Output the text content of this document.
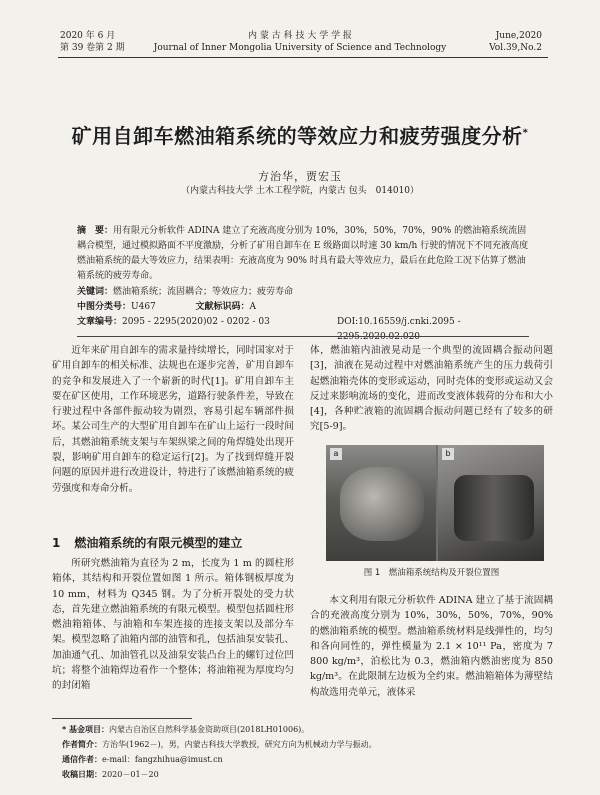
2020 年 6 月
第 39 卷第 2 期
内 蒙 古 科 技 大 学 学 报
Journal of Inner Mongolia University of Science and Technology
June,2020
Vol.39,No.2
矿用自卸车燃油箱系统的等效应力和疲劳强度分析*
方治华，贾宏玉
（内蒙古科技大学 土木工程学院，内蒙古 包头　014010）
摘　要：用有限元分析软件 ADINA 建立了充液高度分别为 10%，30%，50%，70%，90% 的燃油箱系统流固耦合模型，通过模拟路面不平度激励，分析了矿用自卸车在 E 级路面以时速 30 km/h 行驶的情况下不同充液高度燃油箱系统的最大等效应力，结果表明：充液高度为 90% 时具有最大等效应力，最后在此危险工况下估算了燃油箱系统的疲劳寿命。
关键词：燃油箱系统；流固耦合；等效应力；疲劳寿命
中图分类号：U467	文献标识码：A
文章编号：2095 - 2295(2020)02 - 0202 - 03	DOI:10.16559/j.cnki.2095 - 2295.2020.02.020

近年来矿用自卸车的需求量持续增长，同时国家对于矿用自卸车的相关标准、法规也在逐步完善，矿用自卸车的竞争和发展进入了一个崭新的时代[1]。矿用自卸车主要在矿区使用，工作环境恶劣，道路行驶条件差，导致在行驶过程中各部件振动较为剧烈，容易引起车辆部件损坏。某公司生产的大型矿用自卸车在矿山上运行一段时间后，其燃油箱系统支架与车架纵梁之间的角焊缝处出现开裂，影响矿用自卸车的稳定运行[2]。为了找到焊缝开裂问题的原因并进行改进设计，特进行了该燃油箱系统的疲劳强度和寿命分析。

1 燃油箱系统的有限元模型的建立

所研究燃油箱为直径为 2 m，长度为 1 m 的圆柱形箱体，其结构和开裂位置如图 1 所示。箱体钢板厚度为 10 mm，材料为 Q345 钢。为了分析开裂处的受力状态，首先建立燃油箱系统的有限元模型。模型包括圆柱形燃油箱箱体、与油箱和车架连接的连接支架以及部分车架。模型忽略了油箱内部的油管和孔，包括油泵安装孔、加油通气孔、加油管孔以及油泵安装凸台上的螺钉过位凹坑；将整个油箱焊边看作一个整体；将油箱视为厚度均匀的封闭箱

体，燃油箱内油液晃动是一个典型的流固耦合振动问题[3]，油液在晃动过程中对燃油箱系统产生的压力载荷引起燃油箱壳体的变形或运动，同时壳体的变形或运动又会反过来影响流场的变化，进而改变液体载荷的分布和大小[4]，各种贮液箱的流固耦合振动问题已经有了较多的研究[5-9]。

a	b
图 1　燃油箱系统结构及开裂位置图

本文利用有限元分析软件 ADINA 建立了基于流固耦合的充液高度分别为 10%，30%，50%，70%，90% 的燃油箱系统的模型。燃油箱系统材料是线弹性的，均匀和各向同性的，弹性模量为 2.1 × 10¹¹ Pa，密度为 7 800 kg/m³，泊松比为 0.3，燃油箱内燃油密度为 850 kg/m³。在此限制左边板为全约束。燃油箱箱体为薄壁结构故选用壳单元，液体采

* 基金项目：内蒙古自治区自然科学基金资助项目(2018LH01006)。
作者简介：方治华(1962－)，男，内蒙古科技大学教授，研究方向为机械动力学与振动。
通信作者：e-mail：fangzhihua@imust.cn
收稿日期：2020－01－20
